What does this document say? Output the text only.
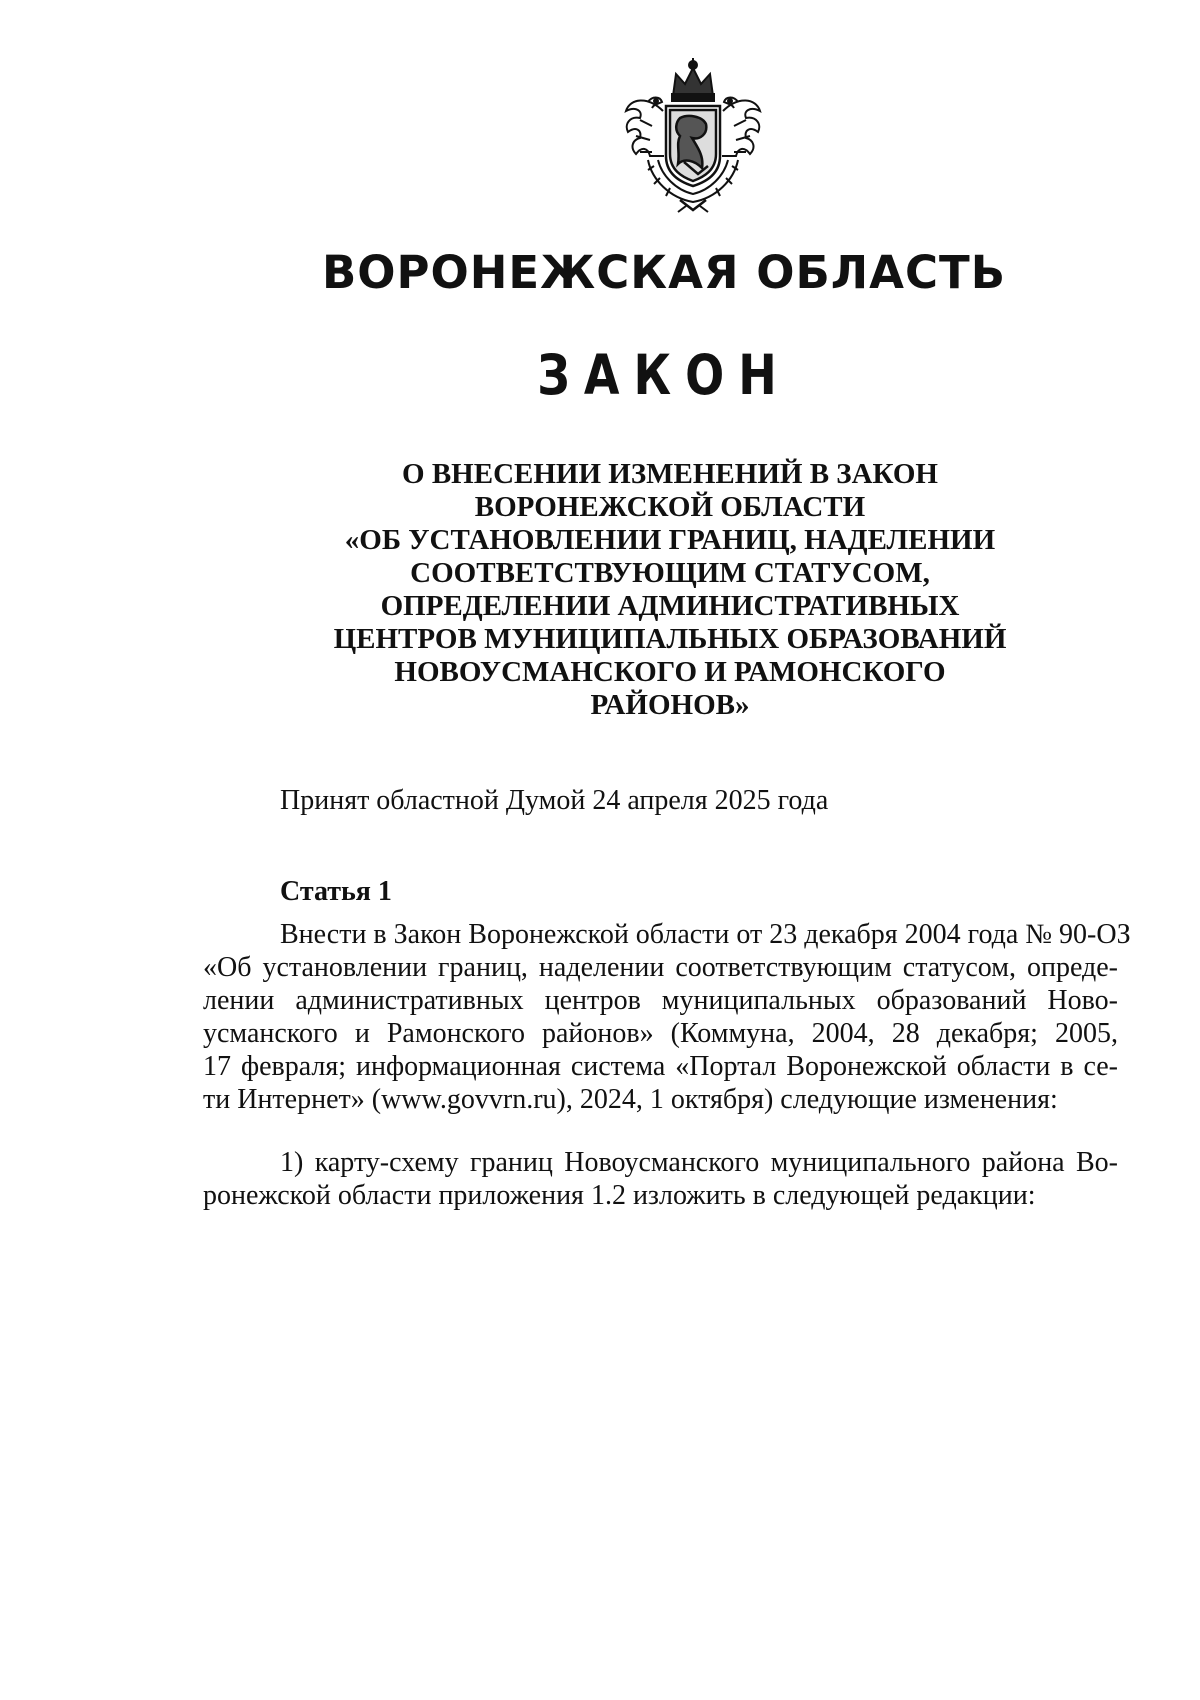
ВОРОНЕЖСКАЯ ОБЛАСТЬ
ЗАКОН
О ВНЕСЕНИИ ИЗМЕНЕНИЙ В ЗАКОН
ВОРОНЕЖСКОЙ ОБЛАСТИ
«ОБ УСТАНОВЛЕНИИ ГРАНИЦ, НАДЕЛЕНИИ
СООТВЕТСТВУЮЩИМ СТАТУСОМ,
ОПРЕДЕЛЕНИИ АДМИНИСТРАТИВНЫХ
ЦЕНТРОВ МУНИЦИПАЛЬНЫХ ОБРАЗОВАНИЙ
НОВОУСМАНСКОГО И РАМОНСКОГО
РАЙОНОВ»
Принят областной Думой 24 апреля 2025 года
Статья 1
Внести в Закон Воронежской области от 23 декабря 2004 года № 90-ОЗ
«Об установлении границ, наделении соответствующим статусом, опреде-
лении административных центров муниципальных образований Ново-
усманского и Рамонского районов» (Коммуна, 2004, 28 декабря; 2005,
17 февраля; информационная система «Портал Воронежской области в се-
ти Интернет» (www.govvrn.ru), 2024, 1 октября) следующие изменения:
1) карту-схему границ Новоусманского муниципального района Во-
ронежской области приложения 1.2 изложить в следующей редакции:
